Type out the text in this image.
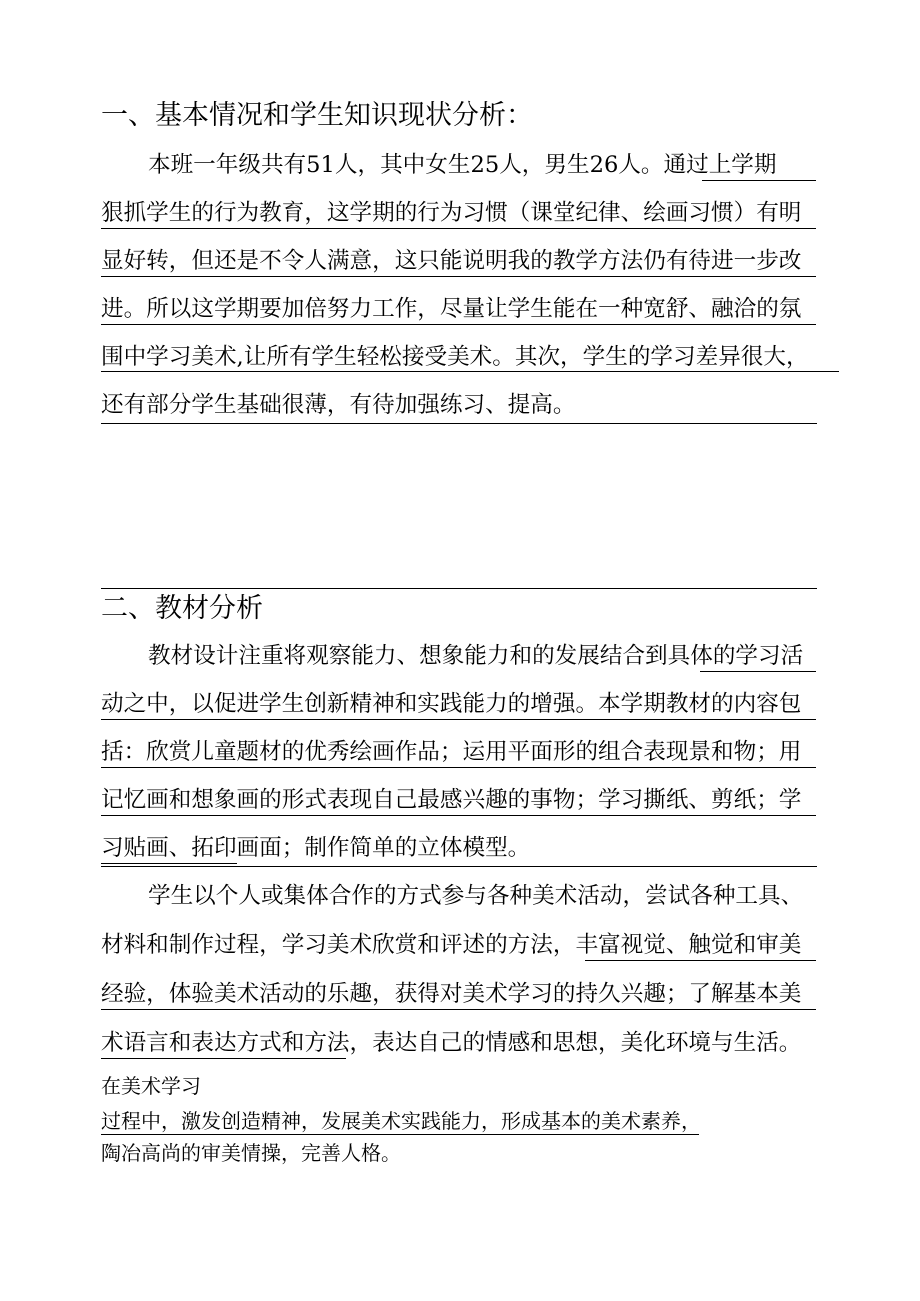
一、基本情况和学生知识现状分析：
本班一年级共有51人，其中女生25人，男生26人。通过上学期
狠抓学生的行为教育，这学期的行为习惯（课堂纪律、绘画习惯）有明
显好转，但还是不令人满意，这只能说明我的教学方法仍有待进一步改
进。所以这学期要加倍努力工作，尽量让学生能在一种宽舒、融洽的氛
围中学习美术,让所有学生轻松接受美术。其次，学生的学习差异很大，
还有部分学生基础很薄，有待加强练习、提高。
二、教材分析
教材设计注重将观察能力、想象能力和的发展结合到具体的学习活
动之中，以促进学生创新精神和实践能力的增强。本学期教材的内容包
括：欣赏儿童题材的优秀绘画作品；运用平面形的组合表现景和物；用
记忆画和想象画的形式表现自己最感兴趣的事物；学习撕纸、剪纸；学
习贴画、拓印画面；制作简单的立体模型。
学生以个人或集体合作的方式参与各种美术活动，尝试各种工具、
材料和制作过程，学习美术欣赏和评述的方法，丰富视觉、触觉和审美
经验，体验美术活动的乐趣，获得对美术学习的持久兴趣；了解基本美
术语言和表达方式和方法，表达自己的情感和思想，美化环境与生活。
在美术学习
过程中，激发创造精神，发展美术实践能力，形成基本的美术素养，
陶冶高尚的审美情操，完善人格。
